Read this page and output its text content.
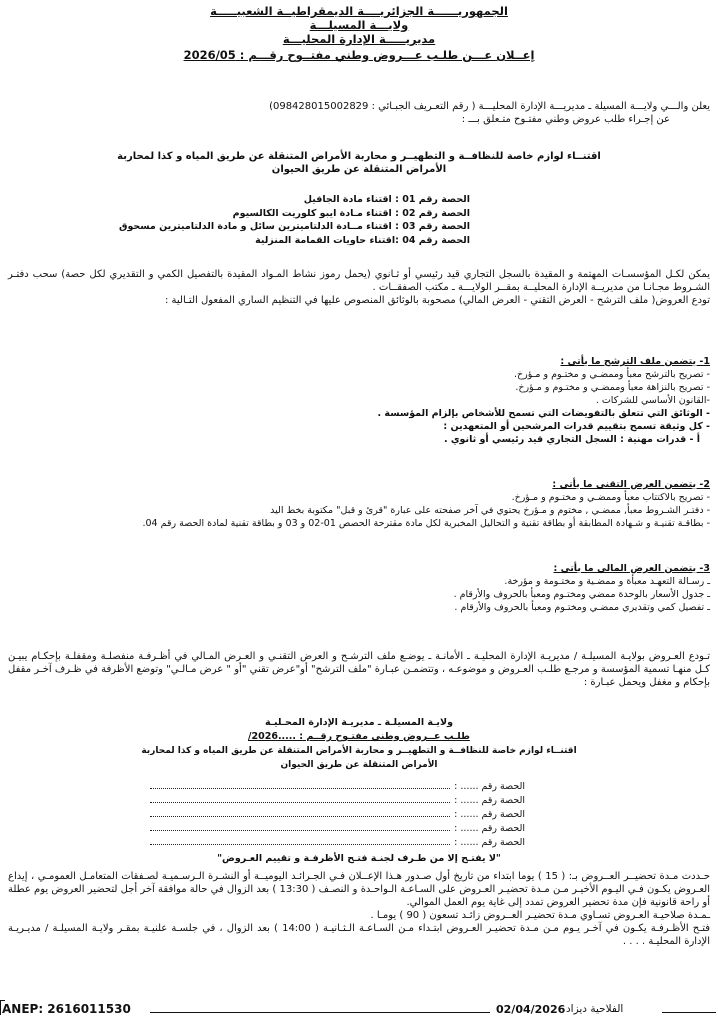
الجمهوريــــــة الجزائريــــة الديمقراطيــة الشعبيـــــة
ولايـــة المسيلـــة
مديريـــــة الإدارة المحليـــة
إعــلان عـــن طلـب عـــروض وطني مفتــوح رقـــم : 2026/05

يعلن والـــي ولايـــة المسيلة ـ مديريـــة الإدارة المحليـــة ( رقم التعـريف الجبـائي : 098428015002829)

عن إجـراء طلب عروض وطني مفتـوح متـعلق بـــ :

اقتنــاء لوازم خاصة للنظافــة و التطهيــر و محاربة الأمراض المتنقلة عن طريق المياه و كذا لمحاربة

الأمراض المتنقلة عن طريق الحيوان

الحصة رقم 01 : اقتناء مادة الجافيل
الحصة رقم 02 : اقتناء مـادة ايبو كلوريت الكالسيوم
الحصة رقم 03 : اقتناء مــادة الدلتاميترين سائل و مادة الدلتاميترين مسحوق
الحصة رقم 04 :اقتناء حاويات القمامة المنزلية

يمكن لكـل المؤسسـات المهتمة و المقيدة بالسجل التجاري قيد رئيسي أو ثـانوي (يحمل رموز نشاط المـواد المقيدة بالتفصيل الكمي و التقديري لكل حصة) سحب دفتـر الشـروط مجـانـا من مديريــة الإدارة المحليــة بمقــر الولايـــة ـ مكتب الصفقــات .

تودع العروض( ملف الترشح - العرض التقني - العرض المالي) مصحوبة بالوثائق المنصوص عليها في التنظيم الساري المفعول التـالية :

1- يتضمن ملف الترشح ما يأتي :
- تصريح بالترشح معبأ وممضـي و مختـوم و مـؤرخ.
- تصريح بالنزاهة معبأ وممضـي و مختـوم و مـؤرخ.
-القانون الأساسي للشركات .
- الوثائق التي تتعلق بالتفويضات التي تسمح للأشخاص بإلزام المؤسسة .
- كل وثيقة تسمح بتقييم قدرات المرشحين أو المتعهدين :
أ - قدرات مهنية : السجل التجاري قيد رئيسي أو ثانوي .
2- يتضمن العرض التقني ما يأتي :
- تصريح بالاكتتاب معبأ وممضـي و مختـوم و مـؤرخ.
- دفتـر الشـروط معبأ, ممضـي , مختوم و مـؤرخ يحتوي في آخر صفحته على عبارة "قرئ و قبل" مكتوبة بخط اليد
- بطاقـة تقنيـة و شـهادة المطابقة أو بطاقة تقنية و التحاليل المخبرية لكل مادة مقترحة الحصص 01-02 و 03 و بطاقة تقنية لمادة الحصة رقم 04.
3- يتضمن العرض المالي ما يأتي :
ـ رسـالة التعهـد معبأة و ممضـية و مختـومة و مؤرخة.
ـ جدول الأسعار بالوحدة ممضي ومختـوم ومعبأ بالحروف والأرقام .
ـ تفصيل كمي وتقديري ممضـي ومختـوم ومعبأ بالحروف والأرقام .

تـودع العـروض بولايـة المسيلـة / مديريـة الإدارة المحليـة ـ الأمانـة ـ يوضـع ملف الترشـح و العرض التقنـي و العـرض المـالي في أظـرفـة منفصلـة ومقفلـة بإحكـام يبيـن كـل منهـا تسمية المؤسسة و مرجـع طلـب العـروض و موضوعـه ، وتتضمـن عبـارة "ملف الترشح" أو"عرض تقني "أو " عرض مـالـي" وتوضع الأظرفة في ظـرف آخـر مقفل بإحكام و مغفل ويحمل عبـارة :

ولايـة المسيلـة ـ مديريـة الإدارة المحـليـة
طلـب عــروض وطني مفتـوح رقــم : .....2026/
اقتنــاء لوازم خاصة للنظافــة و التطهيــر و محاربة الأمراض المتنقلة عن طريق المياه و كذا لمحاربة
الأمراض المتنقلة عن طريق الحيوان
الحصة رقم ...... :
الحصة رقم ...... :
الحصة رقم ...... :
الحصة رقم ...... :
الحصة رقم ...... :
"لا يفتـح إلا من طـرف لجنـة فتـح الأظرفـة و تقييم العـروض"

حـددت مـدة تحضيــر العــروض بـ: ( 15 ) يوما ابتداء من تاريخ أول صـدور هـذا الإعــلان فـي الجـرائـد اليوميــة أو النشـرة الـرسـميـة لصـفقات المتعامـل العمومـي ، إيداع العـروض يكـون فـي اليـوم الأخيـر مـن مـدة تحضيـر العـروض على السـاعـة الـواحـدة و النصـف ( 13:30 ) بعد الزوال في حالة موافقة آخر أجل لتحضير العروض يوم عطلة أو راحة قانونية فإن مدة تحضير العروض تمدد إلى غاية يوم العمل الموالي.

ـمـدة صلاحيـة العـروض تسـاوي مـدة تحضيـر العــروض زائـد تسعون ( 90 ) يومـا .

فتـح الأظـرفـة يكـون في آخـر يـوم مـن مـدة تحضيـر العـروض ابتـداء مـن السـاعـة الـثـانيـة ( 14:00 ) بعد الزوال ، في جلسـة علنيـة بمقـر ولايـة المسيلـة / مديـريـة الإدارة المحليـة . . . .

ANEP: 2616011530	02/04/2026 الفلاحية ديزاد
